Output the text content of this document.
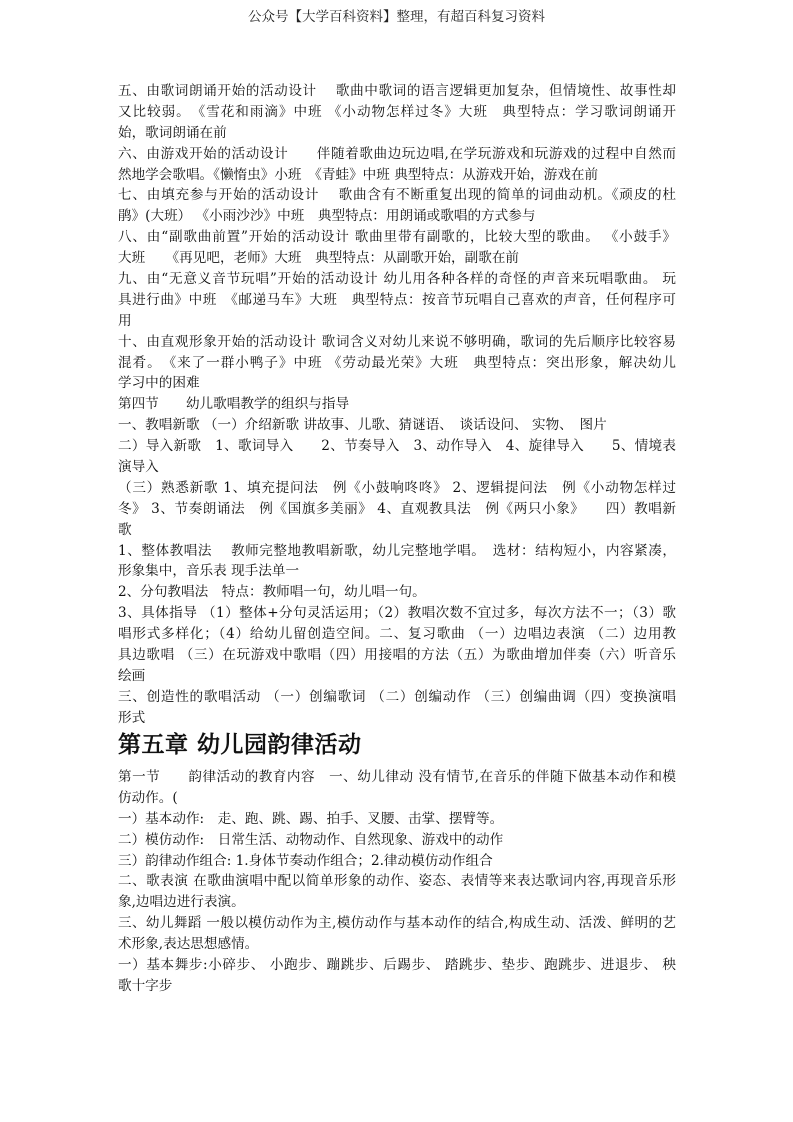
公众号【大学百科资料】整理，有超百科复习资料
五、由歌词朗诵开始的活动设计　 歌曲中歌词的语言逻辑更加复杂，但情境性、故事性却
又比较弱。　《雪花和雨滴》中班 《小动物怎样过冬》大班　典型特点：学习歌词朗诵开
始，歌词朗诵在前
六、由游戏开始的活动设计　　伴随着歌曲边玩边唱,在学玩游戏和玩游戏的过程中自然而
然地学会歌唱。《懒惰虫》小班　《青蛙》中班 典型特点：从游戏开始，游戏在前
七、由填充参与开始的活动设计　 歌曲含有不断重复出现的简单的词曲动机。《顽皮的杜
鹃》(大班） 《小雨沙沙》中班　典型特点：用朗诵或歌唱的方式参与
八、由“副歌曲前置”开始的活动设计 歌曲里带有副歌的，比较大型的歌曲。 《小鼓手》
大班　　《再见吧，老师》大班　典型特点：从副歌开始，副歌在前
九、由“无意义音节玩唱”开始的活动设计 幼儿用各种各样的奇怪的声音来玩唱歌曲。 玩
具进行曲》中班　《邮递马车》大班　典型特点：按音节玩唱自己喜欢的声音，任何程序可
用
十、由直观形象开始的活动设计 歌词含义对幼儿来说不够明确，歌词的先后顺序比较容易
混肴。　《来了一群小鸭子》中班 《劳动最光荣》大班　典型特点：突出形象，解决幼儿
学习中的困难
第四节　　幼儿歌唱教学的组织与指导
一、教唱新歌 （一）介绍新歌 讲故事、儿歌、猜谜语、　谈话设问、 实物、　图片
二）导入新歌　1、歌词导入　　2、节奏导入　3、动作导入　4、旋律导入　　5、情境表
演导入
（三）熟悉新歌 1、填充提问法　例《小鼓响咚咚》 2、逻辑提问法　例《小动物怎样过
冬》 3、节奏朗诵法　例《国旗多美丽》 4、直观教具法　例《两只小象》　　四）教唱新
歌
1、整体教唱法　 教师完整地教唱新歌，幼儿完整地学唱。　选材：结构短小，内容紧凑，
形象集中，音乐表 现手法单一
2、分句教唱法　特点：教师唱一句，幼儿唱一句。
3、具体指导 （1）整体+分句灵活运用；（2）教唱次数不宜过多，每次方法不一；（3）歌
唱形式多样化；（4）给幼儿留创造空间。二、复习歌曲 （一）边唱边表演 （二）边用教
具边歌唱 （三）在玩游戏中歌唱（四）用接唱的方法（五）为歌曲增加伴奏（六）听音乐
绘画
三、创造性的歌唱活动 （一）创编歌词 （二）创编动作 （三）创编曲调（四）变换演唱
形式
第五章 幼儿园韵律活动
第一节　　韵律活动的教育内容　一、幼儿律动 没有情节,在音乐的伴随下做基本动作和模
仿动作。(
一）基本动作:　走、跑、跳、踢、拍手、叉腰、击掌、摆臂等。
二）模仿动作:　日常生活、动物动作、自然现象、游戏中的动作
三）韵律动作组合: 1.身体节奏动作组合；2.律动模仿动作组合
二、歌表演 在歌曲演唱中配以简单形象的动作、姿态、表情等来表达歌词内容,再现音乐形
象,边唱边进行表演。
三、幼儿舞蹈 一般以模仿动作为主,模仿动作与基本动作的结合,构成生动、活泼、鲜明的艺
术形象,表达思想感情。
一）基本舞步:小碎步、 小跑步、蹦跳步、后踢步、 踏跳步、垫步、跑跳步、进退步、 秧
歌十字步
